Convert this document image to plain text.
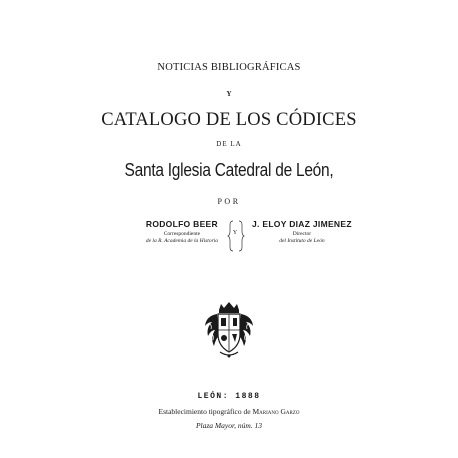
NOTICIAS BIBLIOGRÁFICAS
Y
CATALOGO DE LOS CÓDICES
DE LA
Santa Iglesia Catedral de León,
POR
RODOLFO BEER
Correspondiente
de la R. Academia de la Historia
Y
J. ELOY DIAZ JIMENEZ
Director
del Instituto de León
LEÓN: 1888
Establecimiento tipográfico de Mariano Garzo
Plaza Mayor, núm. 13
